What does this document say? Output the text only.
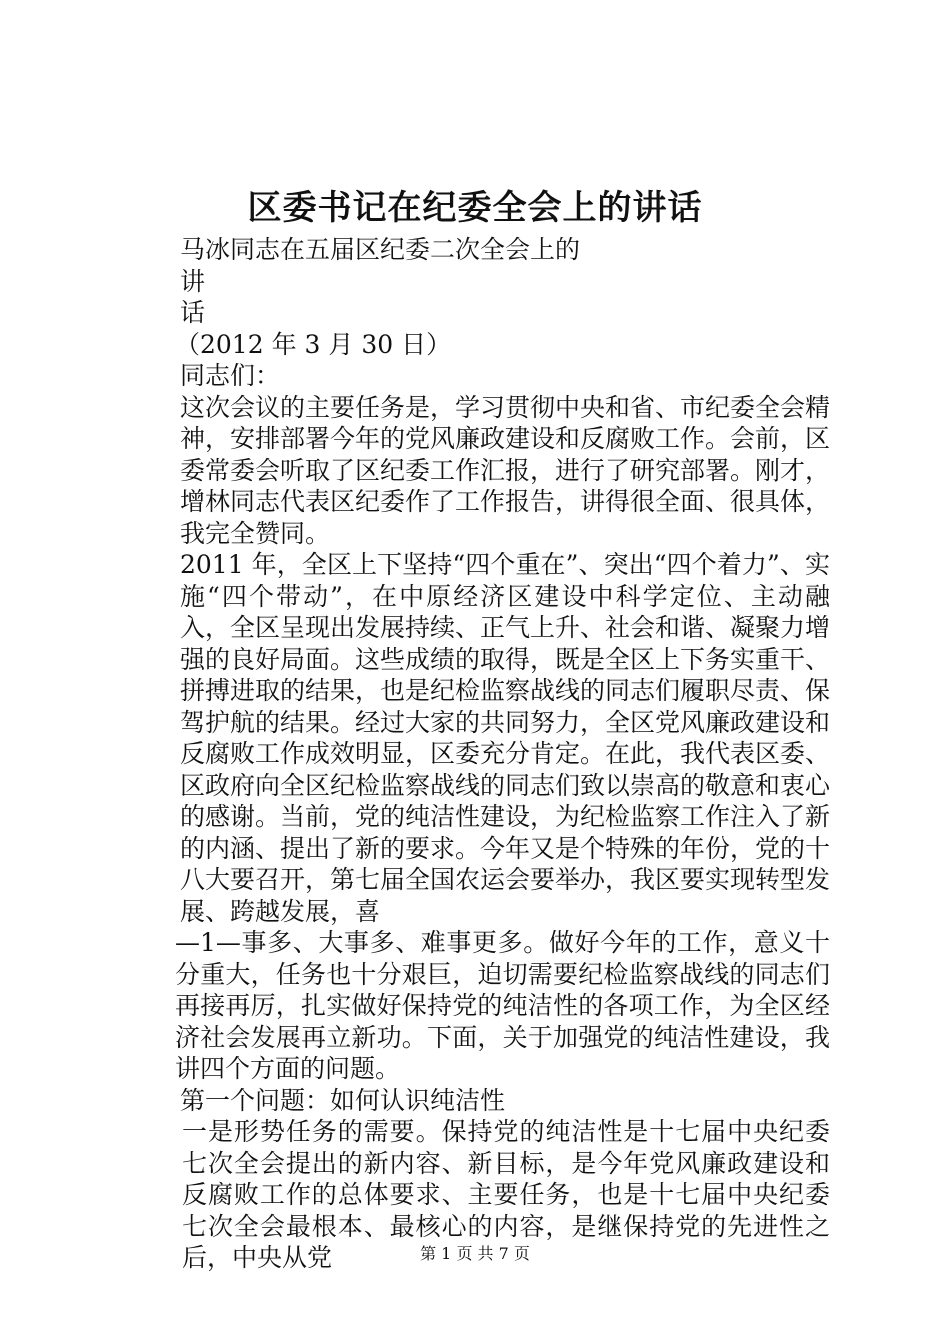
区委书记在纪委全会上的讲话
马冰同志在五届区纪委二次全会上的
讲
话
（2012 年 3 月 30 日）
同志们：
这次会议的主要任务是，学习贯彻中央和省、市纪委全会精神，安排部署今年的党风廉政建设和反腐败工作。会前，区委常委会听取了区纪委工作汇报，进行了研究部署。刚才，增林同志代表区纪委作了工作报告，讲得很全面、很具体，我完全赞同。
2011 年，全区上下坚持“四个重在”、突出“四个着力”、实施“四个带动”，在中原经济区建设中科学定位、主动融入，全区呈现出发展持续、正气上升、社会和谐、凝聚力增强的良好局面。这些成绩的取得，既是全区上下务实重干、拼搏进取的结果，也是纪检监察战线的同志们履职尽责、保驾护航的结果。经过大家的共同努力，全区党风廉政建设和反腐败工作成效明显，区委充分肯定。在此，我代表区委、区政府向全区纪检监察战线的同志们致以崇高的敬意和衷心的感谢。当前，党的纯洁性建设，为纪检监察工作注入了新的内涵、提出了新的要求。今年又是个特殊的年份，党的十八大要召开，第七届全国农运会要举办，我区要实现转型发展、跨越发展，喜
—1—事多、大事多、难事更多。做好今年的工作，意义十分重大，任务也十分艰巨，迫切需要纪检监察战线的同志们再接再厉，扎实做好保持党的纯洁性的各项工作，为全区经济社会发展再立新功。下面，关于加强党的纯洁性建设，我讲四个方面的问题。
第一个问题：如何认识纯洁性
一是形势任务的需要。保持党的纯洁性是十七届中央纪委七次全会提出的新内容、新目标，是今年党风廉政建设和反腐败工作的总体要求、主要任务，也是十七届中央纪委七次全会最根本、最核心的内容，是继保持党的先进性之后，中央从党	第 1 页 共 7 页
